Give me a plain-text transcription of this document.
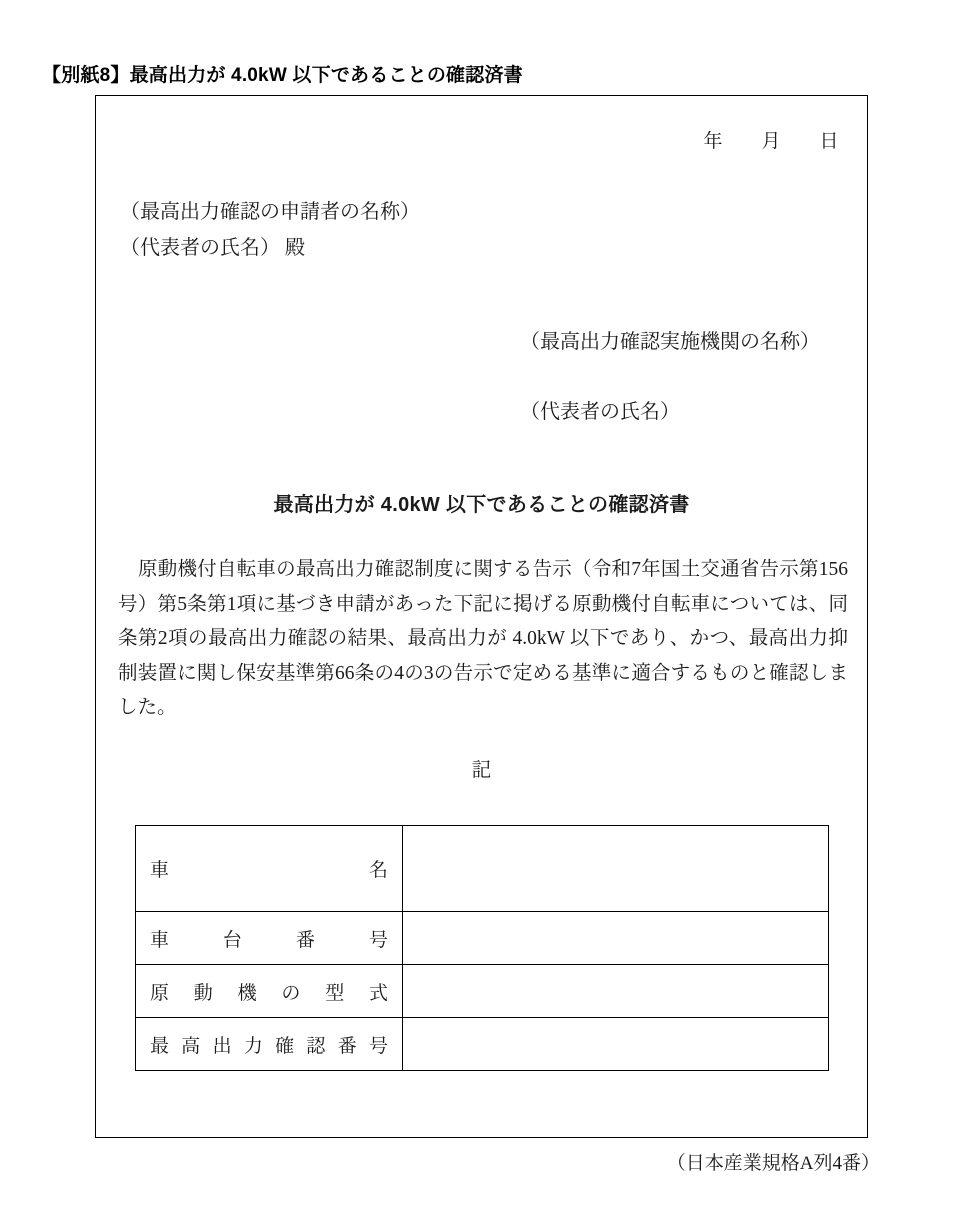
【別紙8】最高出力が 4.0kW 以下であることの確認済書
年 月 日
（最高出力確認の申請者の名称）
（代表者の氏名） 殿
（最高出力確認実施機関の名称）
（代表者の氏名）
最高出力が 4.0kW 以下であることの確認済書
原動機付自転車の最高出力確認制度に関する告示（令和7年国土交通省告示第156号）第5条第1項に基づき申請があった下記に掲げる原動機付自転車については、同条第2項の最高出力確認の結果、最高出力が 4.0kW 以下であり、かつ、最高出力抑制装置に関し保安基準第66条の4の3の告示で定める基準に適合するものと確認しました。
記
車 名	

車 台 番 号	

原 動 機 の 型 式

最 高 出 力 確 認 番 号

（日本産業規格A列4番）
